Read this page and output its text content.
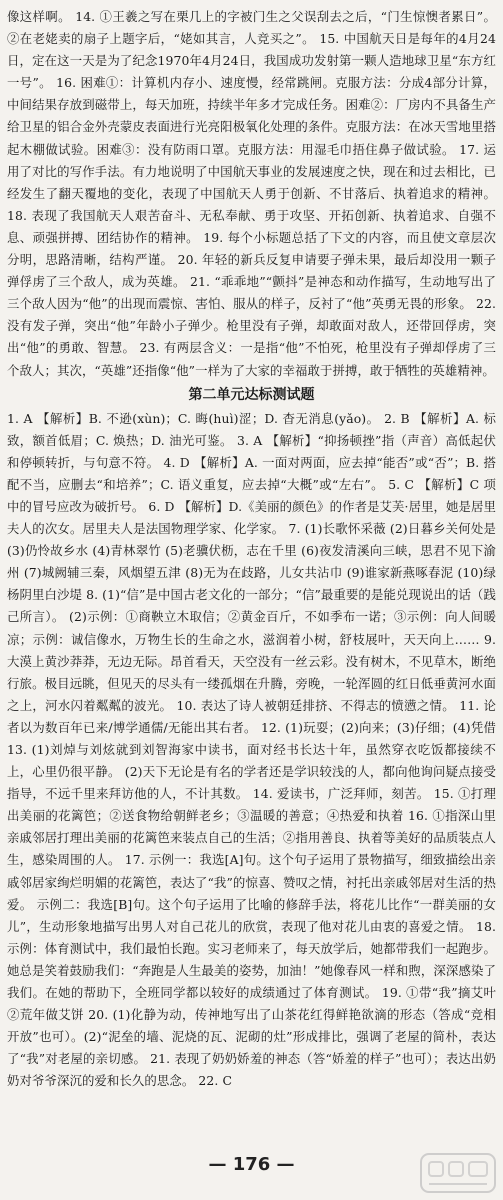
像这样啊。 14. ①王羲之写在栗几上的字被门生之父误刮去之后，“门生惊懊者累日”。②在老姥卖的扇子上题字后，“姥如其言，人竞买之”。 15. 中国航天日是每年的4月24日，定在这一天是为了纪念1970年4月24日，我国成功发射第一颗人造地球卫星“东方红一号”。 16. 困难①：计算机内存小、速度慢，经常跳闸。克服方法：分成4部分计算，中间结果存放到磁带上，每天加班，持续半年多才完成任务。困难②：厂房内不具备生产给卫星的铝合金外壳蒙皮表面进行光亮阳极氧化处理的条件。克服方法：在冰天雪地里搭起木棚做试验。困难③：没有防雨口罩。克服方法：用湿毛巾捂住鼻子做试验。 17. 运用了对比的写作手法。有力地说明了中国航天事业的发展速度之快，现在和过去相比，已经发生了翻天覆地的变化，表现了中国航天人勇于创新、不甘落后、执着追求的精神。 18. 表现了我国航天人艰苦奋斗、无私奉献、勇于攻坚、开拓创新、执着追求、自强不息、顽强拼搏、团结协作的精神。 19. 每个小标题总括了下文的内容，而且使文章层次分明，思路清晰，结构严谨。 20. 年轻的新兵反复申请要子弹未果，最后却没用一颗子弹俘虏了三个敌人，成为英雄。 21. “乖乖地”“颤抖”是神态和动作描写，生动地写出了三个敌人因为“他”的出现而震惊、害怕、服从的样子，反衬了“他”英勇无畏的形象。 22. 没有发子弹，突出“他”年龄小子弹少。枪里没有子弹，却敢面对敌人，还带回俘虏，突出“他”的勇敢、智慧。 23. 有两层含义：一是指“他”不怕死，枪里没有子弹却俘虏了三个敌人；其次，“英雄”还指像“他”一样为了大家的幸福敢于拼搏，敢于牺牲的英雄精神。

第二单元达标测试题

1. A 【解析】B. 不逊(xùn)；C. 晦(huì)涩；D. 杳无消息(yǎo)。 2. B 【解析】A. 标致，额首低眉；C. 焕热；D. 油光可鉴。 3. A 【解析】“抑扬顿挫”指（声音）高低起伏和停顿转折，与句意不符。 4. D 【解析】A. 一面对两面，应去掉“能否”或“否”；B. 搭配不当，应删去“和培养”；C. 语义重复，应去掉“大概”或“左右”。 5. C 【解析】C 项中的冒号应改为破折号。 6. D 【解析】D.《美丽的颜色》的作者是艾芙·居里，她是居里夫人的次女。居里夫人是法国物理学家、化学家。 7. (1)长歌怀采薇 (2)日暮乡关何处是 (3)仍怜故乡水 (4)青林翠竹 (5)老骥伏枥，志在千里 (6)夜发清溪向三峡，思君不见下渝州 (7)城阙辅三秦，风烟望五津 (8)无为在歧路，儿女共沾巾 (9)谁家新燕啄春泥 (10)绿杨阴里白沙堤 8. (1)“信”是中国古老文化的一部分；“信”最重要的是能兑现说出的话（践己所言）。 (2)示例：①商鞅立木取信；②黄金百斤，不如季布一诺；③示例：向人间暖凉；示例：诚信像水，万物生长的生命之水，滋润着小树，舒枝展叶，天天向上…… 9. 大漠上黄沙莽莽，无边无际。昂首看天，天空没有一丝云彩。没有树木，不见草木，断绝行旅。极目远眺，但见天的尽头有一缕孤烟在升腾，旁晚，一轮浑圆的红日低垂黄河水面之上，河水闪着粼粼的波光。 10. 表达了诗人被朝廷排挤、不得志的愤懑之情。 11. 论者以为数百年已来/博学通儒/无能出其右者。 12. (1)玩耍；(2)向来；(3)仔细；(4)凭借 13. (1)刘焯与刘炫就到刘智海家中读书，面对经书长达十年，虽然穿衣吃饭都接续不上，心里仍很平静。 (2)天下无论是有名的学者还是学识较浅的人，都向他询问疑点接受指导，不远千里来拜访他的人，不计其数。 14. 爱读书，广泛拜师，刻苦。 15. ①打理出美丽的花篱笆；②送食物给朝鲜老乡；③温暖的善意；④热爱和执着 16. ①指深山里亲戚邻居打理出美丽的花篱笆来装点自己的生活；②指用善良、执着等美好的品质装点人生，感染周围的人。 17. 示例一：我选[A]句。这个句子运用了景物描写，细致描绘出亲戚邻居家绚烂明媚的花篱笆，表达了“我”的惊喜、赞叹之情，衬托出亲戚邻居对生活的热爱。 示例二：我选[B]句。这个句子运用了比喻的修辞手法，将花儿比作“一群美丽的女儿”，生动形象地描写出男人对自己花儿的欣赏，表现了他对花儿由衷的喜爱之情。 18. 示例：体育测试中，我们最怕长跑。实习老师来了，每天放学后，她都带我们一起跑步。她总是笑着鼓励我们：“奔跑是人生最美的姿势，加油！”她像春风一样和煦，深深感染了我们。在她的帮助下，全班同学都以较好的成绩通过了体育测试。 19. ①带“我”摘艾叶 ②荒年做艾饼 20. (1)化静为动，传神地写出了山茶花红得鲜艳欲滴的形态（答成“竞相开放”也可）。(2)“泥垒的墙、泥烧的瓦、泥砌的灶”形成排比，强调了老屋的简朴，表达了“我”对老屋的亲切感。 21. 表现了奶奶娇羞的神态（答“娇羞的样子”也可）；表达出奶奶对爷爷深沉的爱和长久的思念。 22. C

— 176 —
